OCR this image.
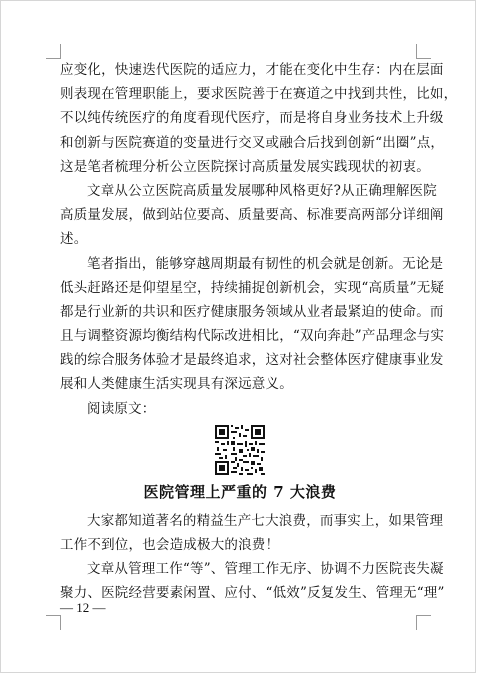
应变化，快速迭代医院的适应力，才能在变化中生存：内在层面
则表现在管理职能上，要求医院善于在赛道之中找到共性，比如，
不以纯传统医疗的角度看现代医疗，而是将自身业务技术上升级
和创新与医院赛道的变量进行交叉或融合后找到创新“出圈”点，
这是笔者梳理分析公立医院探讨高质量发展实践现状的初衷。
文章从公立医院高质量发展哪种风格更好?从正确理解医院
高质量发展，做到站位要高、质量要高、标准要高两部分详细阐
述。
笔者指出，能够穿越周期最有韧性的机会就是创新。无论是
低头赶路还是仰望星空，持续捕捉创新机会，实现“高质量”无疑
都是行业新的共识和医疗健康服务领域从业者最紧迫的使命。而
且与调整资源均衡结构代际改进相比，“双向奔赴”产品理念与实
践的综合服务体验才是最终追求，这对社会整体医疗健康事业发
展和人类健康生活实现具有深远意义。
阅读原文：
医院管理上严重的 7 大浪费
大家都知道著名的精益生产七大浪费，而事实上，如果管理
工作不到位，也会造成极大的浪费！
文章从管理工作“等”、管理工作无序、协调不力医院丧失凝
聚力、医院经营要素闲置、应付、“低效”反复发生、管理无“理”
— 12 —
